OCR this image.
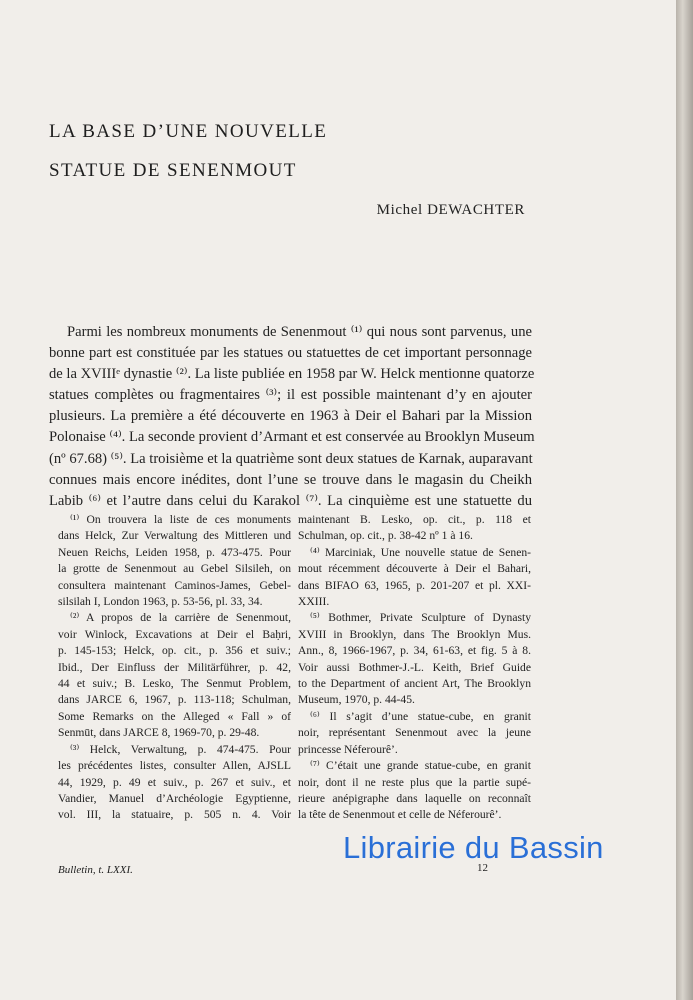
LA BASE D’UNE NOUVELLE
STATUE DE SENENMOUT
Michel DEWACHTER
Parmi les nombreux monuments de Senenmout ⁽¹⁾ qui nous sont parvenus, une
bonne part est constituée par les statues ou statuettes de cet important personnage
de la XVIIIᵉ dynastie ⁽²⁾. La liste publiée en 1958 par W. Helck mentionne quatorze
statues complètes ou fragmentaires ⁽³⁾; il est possible maintenant d’y en ajouter
plusieurs. La première a été découverte en 1963 à Deir el Bahari par la Mission
Polonaise ⁽⁴⁾. La seconde provient d’Armant et est conservée au Brooklyn Museum
(nº 67.68) ⁽⁵⁾. La troisième et la quatrième sont deux statues de Karnak, auparavant
connues mais encore inédites, dont l’une se trouve dans le magasin du Cheikh
Labib ⁽⁶⁾ et l’autre dans celui du Karakol ⁽⁷⁾. La cinquième est une statuette du
⁽¹⁾ On trouvera la liste de ces monuments
dans Helck, Zur Verwaltung des Mittleren und
Neuen Reichs, Leiden 1958, p. 473-475. Pour
la grotte de Senenmout au Gebel Silsileh, on
consultera maintenant Caminos-James, Gebel-
silsilah I, London 1963, p. 53-56, pl. 33, 34.
⁽²⁾ A propos de la carrière de Senenmout,
voir Winlock, Excavations at Deir el Baḥri,
p. 145-153; Helck, op. cit., p. 356 et suiv.;
Ibid., Der Einfluss der Militärführer, p. 42,
44 et suiv.; B. Lesko, The Senmut Problem,
dans JARCE 6, 1967, p. 113-118; Schulman,
Some Remarks on the Alleged « Fall » of
Senmūt, dans JARCE 8, 1969-70, p. 29-48.
⁽³⁾ Helck, Verwaltung, p. 474-475. Pour
les précédentes listes, consulter Allen, AJSLL
44, 1929, p. 49 et suiv., p. 267 et suiv., et
Vandier, Manuel d’Archéologie Egyptienne,
vol. III, la statuaire, p. 505 n. 4. Voir
maintenant B. Lesko, op. cit., p. 118 et
Schulman, op. cit., p. 38-42 nº 1 à 16.
⁽⁴⁾ Marciniak, Une nouvelle statue de Senen-
mout récemment découverte à Deir el Bahari,
dans BIFAO 63, 1965, p. 201-207 et pl. XXI-
XXIII.
⁽⁵⁾ Bothmer, Private Sculpture of Dynasty
XVIII in Brooklyn, dans The Brooklyn Mus.
Ann., 8, 1966-1967, p. 34, 61-63, et fig. 5 à 8.
Voir aussi Bothmer-J.-L. Keith, Brief Guide
to the Department of ancient Art, The Brooklyn
Museum, 1970, p. 44-45.
⁽⁶⁾ Il s’agit d’une statue-cube, en granit
noir, représentant Senenmout avec la jeune
princesse Néferourê’.
⁽⁷⁾ C’était une grande statue-cube, en granit
noir, dont il ne reste plus que la partie supé-
rieure anépigraphe dans laquelle on reconnaît
la tête de Senenmout et celle de Néferourê’.
Bulletin, t. LXXI.	12
Librairie du Bassin
